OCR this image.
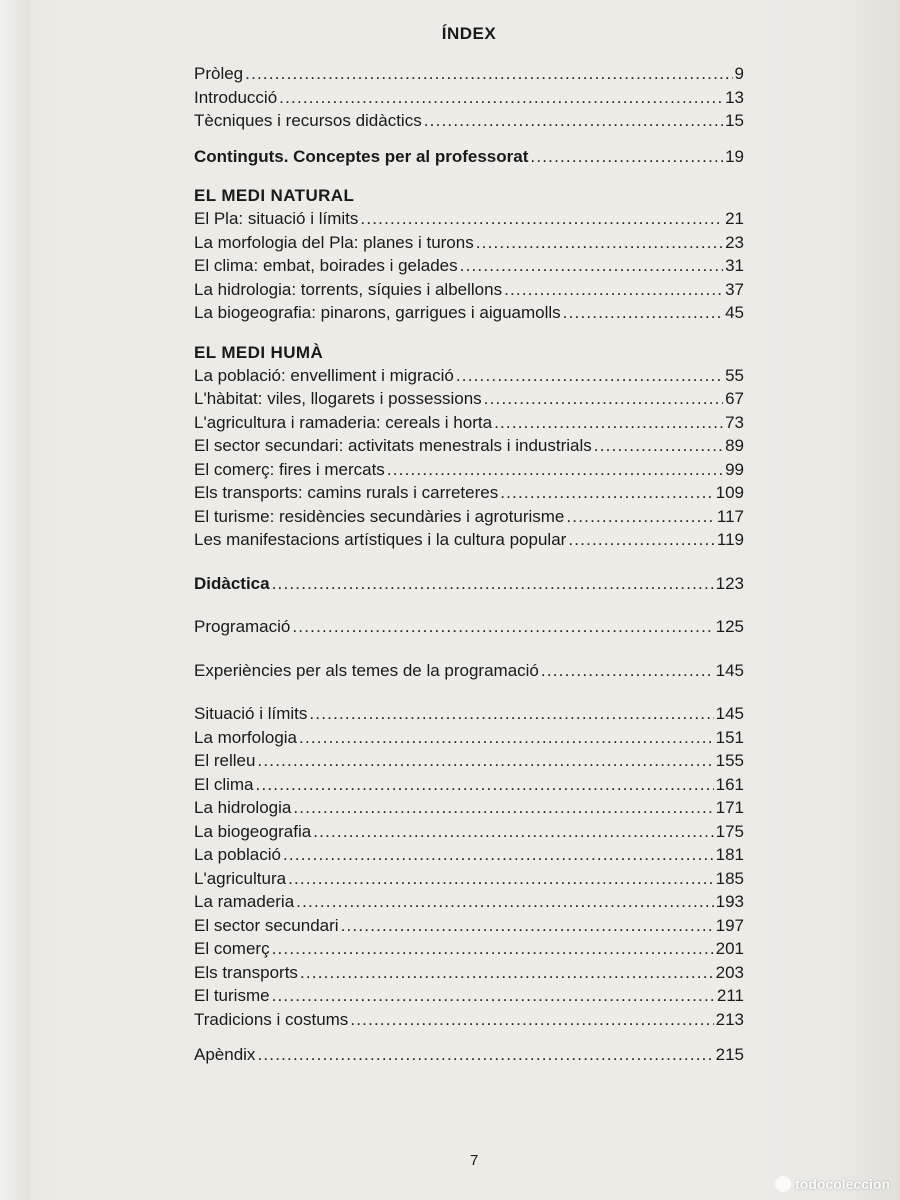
ÍNDEX
Pròleg .....	9
Introducció .....	13
Tècniques i recursos didàctics .....	15
Continguts. Conceptes per al professorat .....	19
EL MEDI NATURAL
El Pla: situació i límits .....	21
La morfologia del Pla: planes i turons .....	23
El clima: embat, boirades i gelades .....	31
La hidrologia: torrents, síquies i albellons .....	37
La biogeografia: pinarons, garrigues i aiguamolls .....	45
EL MEDI HUMÀ
La població: envelliment i migració .....	55
L'hàbitat: viles, llogarets i possessions .....	67
L'agricultura i ramaderia: cereals i horta .....	73
El sector secundari: activitats menestrals i industrials .....	89
El comerç: fires i mercats .....	99
Els transports: camins rurals i carreteres .....	109
El turisme: residències secundàries i agroturisme .....	117
Les manifestacions artístiques i la cultura popular .....	119
Didàctica .....	123
Programació .....	125
Experiències per als temes de la programació .....	145
Situació i límits .....	145
La morfologia .....	151
El relleu .....	155
El clima .....	161
La hidrologia .....	171
La biogeografia .....	175
La població .....	181
L'agricultura .....	185
La ramaderia .....	193
El sector secundari .....	197
El comerç .....	201
Els transports .....	203
El turisme .....	211
Tradicions i costums .....	213
Apèndix .....	215
7
todocoleccion
